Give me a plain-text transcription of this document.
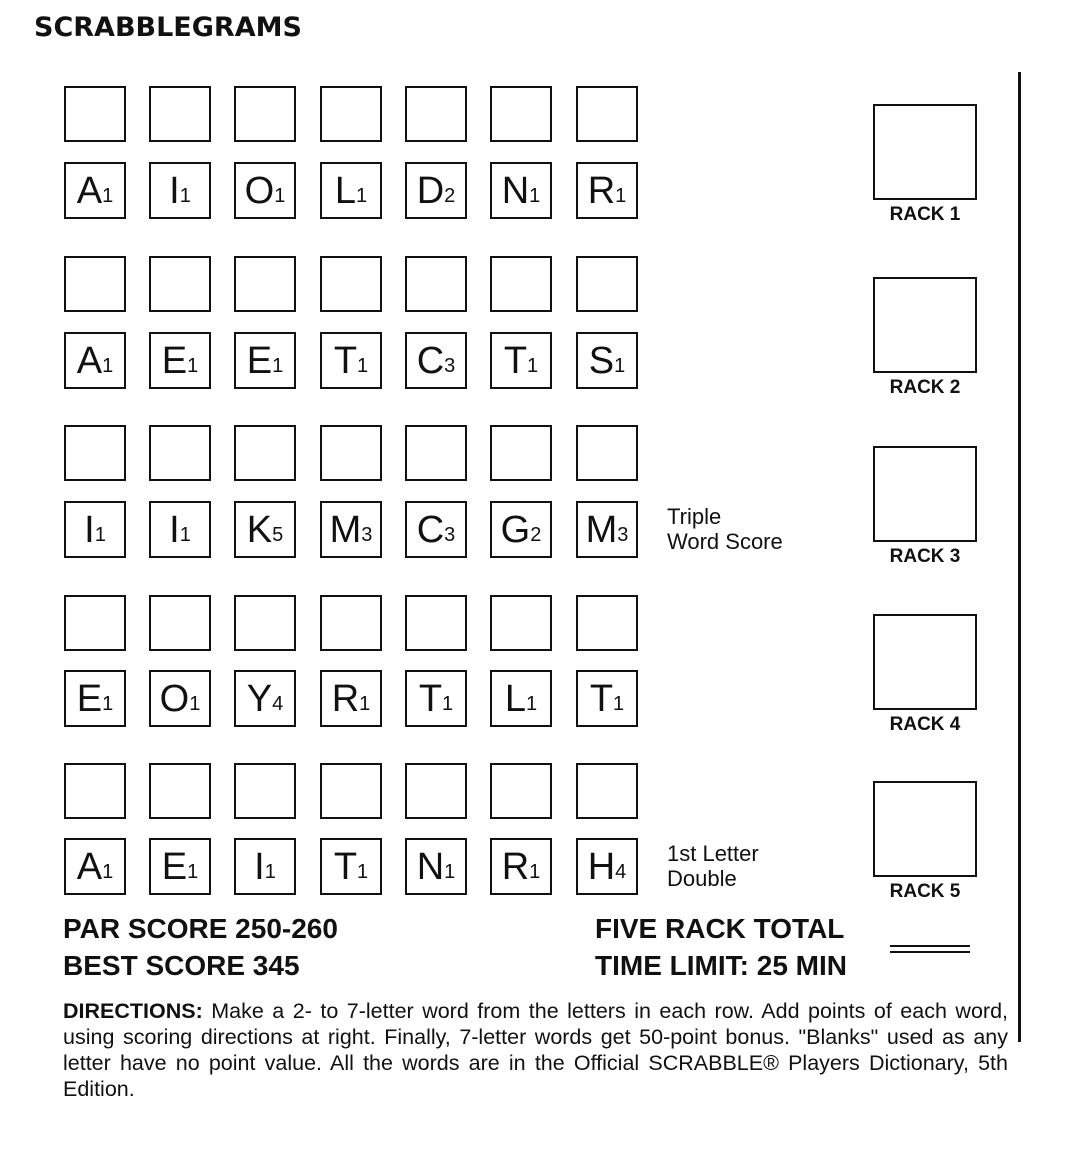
SCRABBLEGRAMS
A 1 I 1 O 1 L 1 D 2 N 1 R 1
RACK 1
A 1 E 1 E 1 T 1 C 3 T 1 S 1
RACK 2
I 1 I 1 K 5 M 3 C 3 G 2 M 3
Triple
Word Score
RACK 3
E 1 O 1 Y 4 R 1 T 1 L 1 T 1
RACK 4
A 1 E 1 I 1 T 1 N 1 R 1 H 4
1st Letter
Double
RACK 5
PAR SCORE 250-260
BEST SCORE 345
FIVE RACK TOTAL
TIME LIMIT: 25 MIN
DIRECTIONS: Make a 2- to 7-letter word from the letters in each row. Add points of each word, using scoring directions at right. Finally, 7-letter words get 50-point bonus. "Blanks" used as any letter have no point value. All the words are in the Official SCRABBLE® Players Dictionary, 5th Edition.
